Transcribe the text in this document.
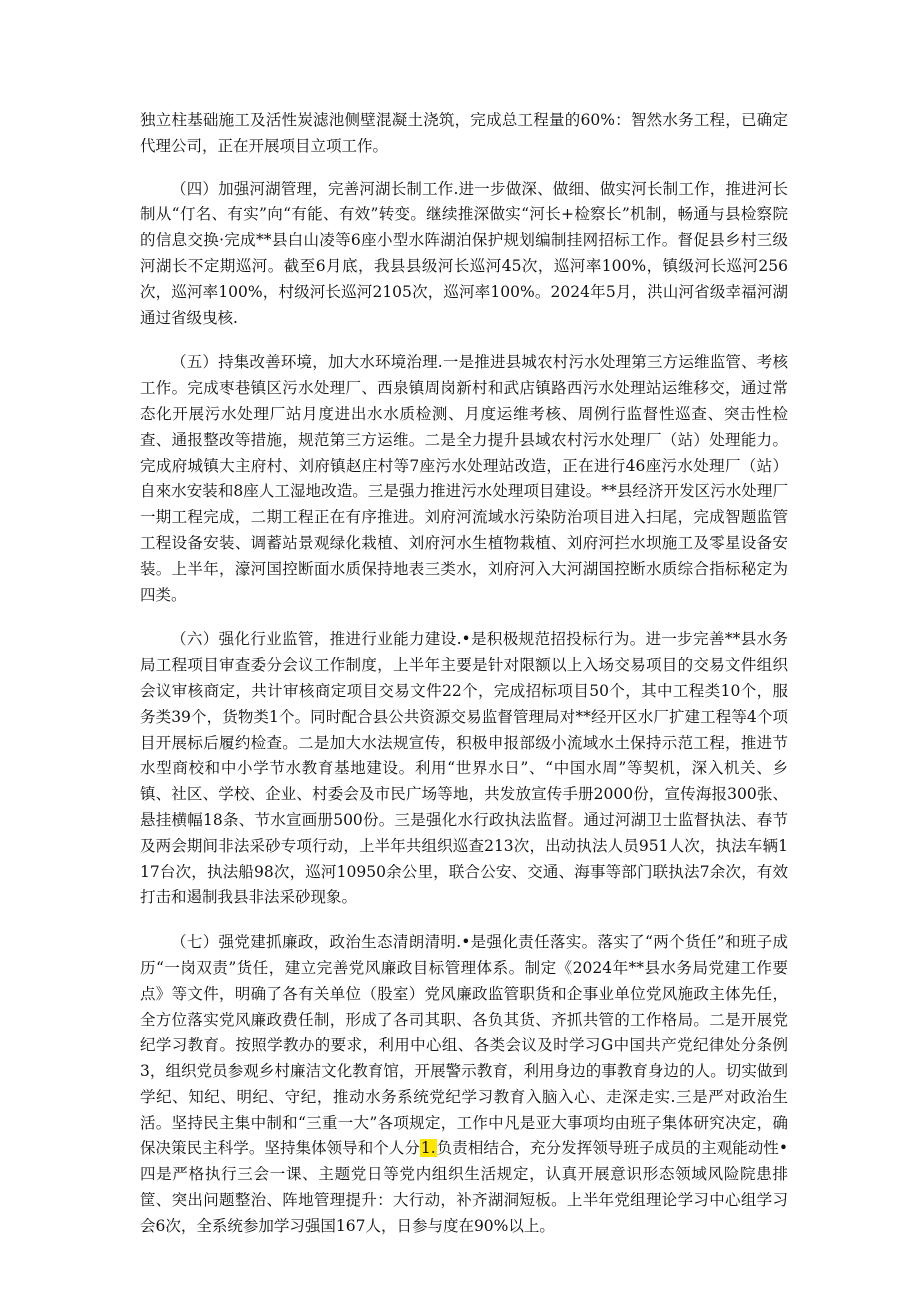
独立柱基础施工及活性炭滤池侧壁混凝土浇筑，完成总工程量的60%：智然水务工程，已确定代理公司，正在开展项目立项工作。

（四）加强河湖管理，完善河湖长制工作.进一步做深、做细、做实河长制工作，推进河长制从“仃名、有实”向“有能、有效”转变。继续推深做实“河长+检察长”机制，畅通与县检察院的信息交换·完成**县白山凌等6座小型水阵湖泊保护规划编制挂网招标工作。督促县乡村三级河湖长不定期巡河。截至6月底，我县县级河长巡河45次，巡河率100%，镇级河长巡河256次，巡河率100%，村级河长巡河2105次，巡河率100%。2024年5月，洪山河省级幸福河湖通过省级曳核.

（五）持集改善环境，加大水环境治理.一是推进县城农村污水处理第三方运维监管、考核工作。完成枣巷镇区污水处理厂、西泉镇周岗新村和武店镇路西污水处理站运维移交，通过常态化开展污水处理厂站月度进出水水质检测、月度运维考核、周例行监督性巡查、突击性检查、通报整改等措施，规范第三方运维。二是全力提升县域农村污水处理厂（站）处理能力。完成府城镇大主府村、刘府镇赵庄村等7座污水处理站改造，正在进行46座污水处理厂（站）自來水安装和8座人工湿地改造。三是强力推进污水处理项目建设。**县经济开发区污水处理厂一期工程完成，二期工程正在有序推进。刘府河流域水污染防治项目进入扫尾，完成智题监管工程设备安装、调蓄站景观绿化栽植、刘府河水生植物栽植、刘府河拦水坝施工及零星设备安装。上半年，濠河国控断面水质保持地表三类水，刘府河入大河湖国控断水质综合指标秘定为四类。

（六）强化行业监管，推进行业能力建设.•是积极规范招投标行为。进一步完善**县水务局工程项目审查委分会议工作制度，上半年主要是针对限额以上入场交易项目的交易文件组织会议审核商定，共计审核商定项目交易文件22个，完成招标项目50个，其中工程类10个，服务类39个，货物类1个。同时配合县公共资源交易监督管理局对**经开区水厂扩建工程等4个项目开展标后履约检查。二是加大水法规宣传，积极申报部级小流域水土保持示范工程，推进节水型商校和中小学节水教育基地建设。利用“世界水日”、“中国水周”等契机，深入机关、乡镇、社区、学校、企业、村委会及市民广场等地，共发放宣传手册2000份，宣传海报300张、悬挂横幅18条、节水宣画册500份。三是强化水行政执法监督。通过河湖卫士监督执法、春节及两会期间非法采砂专项行动，上半年共组织巡查213次，出动执法人员951人次，执法车辆117台次，执法船98次，巡河10950余公里，联合公安、交通、海事等部门联执法7余次，有效打击和遏制我县非法采砂现象。

（七）强党建抓廉政，政治生态清朗清明.•是强化责任落实。落实了“两个货任”和班子成历“一岗双责”货任，建立完善党风廉政目标管理体系。制定《2024年**县水务局党建工作要点》等文件，明确了各有关单位（股室）党风廉政监管职货和企事业单位党风施政主体先任，全方位落实党风廉政费任制，形成了各司其职、各负其货、齐抓共管的工作格局。二是开展党纪学习教育。按照学教办的要求，利用中心组、各类会议及时学习G中国共产党纪律处分条例3，组织党员参观乡村廉洁文化教育馆，开展警示教育，利用身边的事教育身边的人。切实做到学纪、知纪、明纪、守纪，推动水务系统党纪学习教育入脑入心、走深走实.三是严对政治生活。坚持民主集中制和“三重一大”各项规定，工作中凡是亚大事项均由班子集体研究决定，确保决策民主科学。坚持集体领导和个人分1.负责相结合，充分发挥领导班子成员的主观能动性•四是严格执行三会一课、主题党日等党内组织生活规定，认真开展意识形态领域风险院患排筐、突出问题整治、阵地管理提升：大行动，补齐湖洞短板。上半年党组理论学习中心组学习会6次，全系统参加学习强国167人，日参与度在90%以上。
